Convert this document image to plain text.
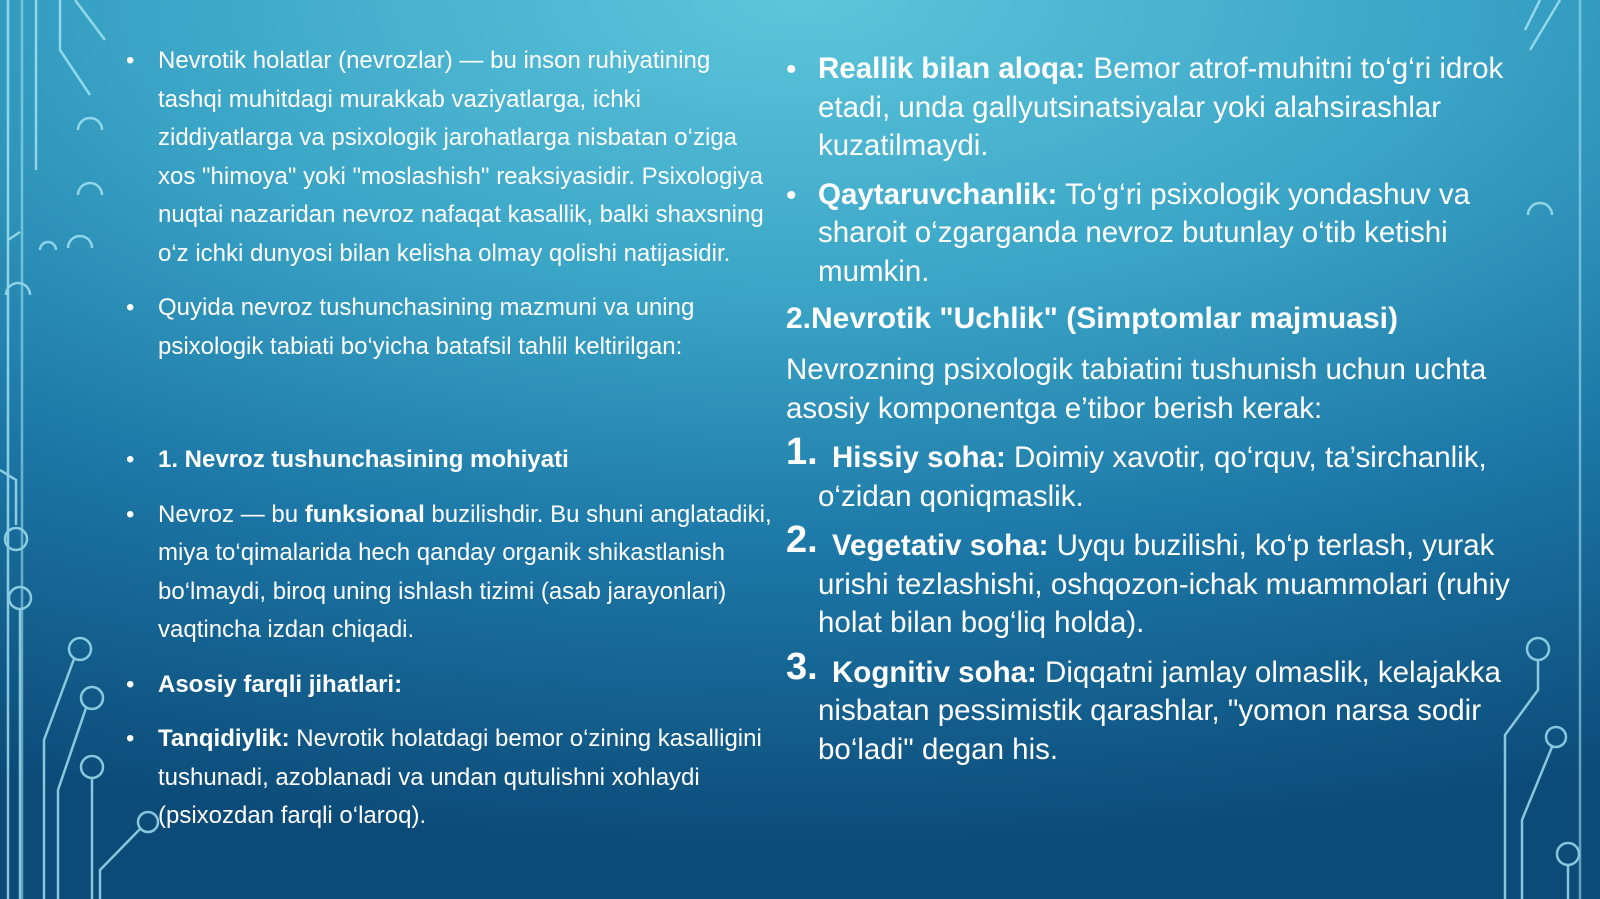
• Nevrotik holatlar (nevrozlar) — bu inson ruhiyatining tashqi muhitdagi murakkab vaziyatlarga, ichki ziddiyatlarga va psixologik jarohatlarga nisbatan o‘ziga xos "himoya" yoki "moslashish" reaksiyasidir. Psixologiya nuqtai nazaridan nevroz nafaqat kasallik, balki shaxsning o‘z ichki dunyosi bilan kelisha olmay qolishi natijasidir.
• Quyida nevroz tushunchasining mazmuni va uning psixologik tabiati bo‘yicha batafsil tahlil keltirilgan:
• 1. Nevroz tushunchasining mohiyati
• Nevroz — bu funksional buzilishdir. Bu shuni anglatadiki, miya to‘qimalarida hech qanday organik shikastlanish bo‘lmaydi, biroq uning ishlash tizimi (asab jarayonlari) vaqtincha izdan chiqadi.
• Asosiy farqli jihatlari:
• Tanqidiylik: Nevrotik holatdagi bemor o‘zining kasalligini tushunadi, azoblanadi va undan qutulishni xohlaydi (psixozdan farqli o‘laroq).
• Reallik bilan aloqa: Bemor atrof-muhitni to‘g‘ri idrok etadi, unda gallyutsinatsiyalar yoki alahsirashlar kuzatilmaydi.
• Qaytaruvchanlik: To‘g‘ri psixologik yondashuv va sharoit o‘zgarganda nevroz butunlay o‘tib ketishi mumkin.
2.Nevrotik "Uchlik" (Simptomlar majmuasi)
Nevrozning psixologik tabiatini tushunish uchun uchta asosiy komponentga e’tibor berish kerak:
1. Hissiy soha: Doimiy xavotir, qo‘rquv, ta’sirchanlik, o‘zidan qoniqmaslik.
2. Vegetativ soha: Uyqu buzilishi, ko‘p terlash, yurak urishi tezlashishi, oshqozon-ichak muammolari (ruhiy holat bilan bog‘liq holda).
3. Kognitiv soha: Diqqatni jamlay olmaslik, kelajakka nisbatan pessimistik qarashlar, "yomon narsa sodir bo‘ladi" degan his.
